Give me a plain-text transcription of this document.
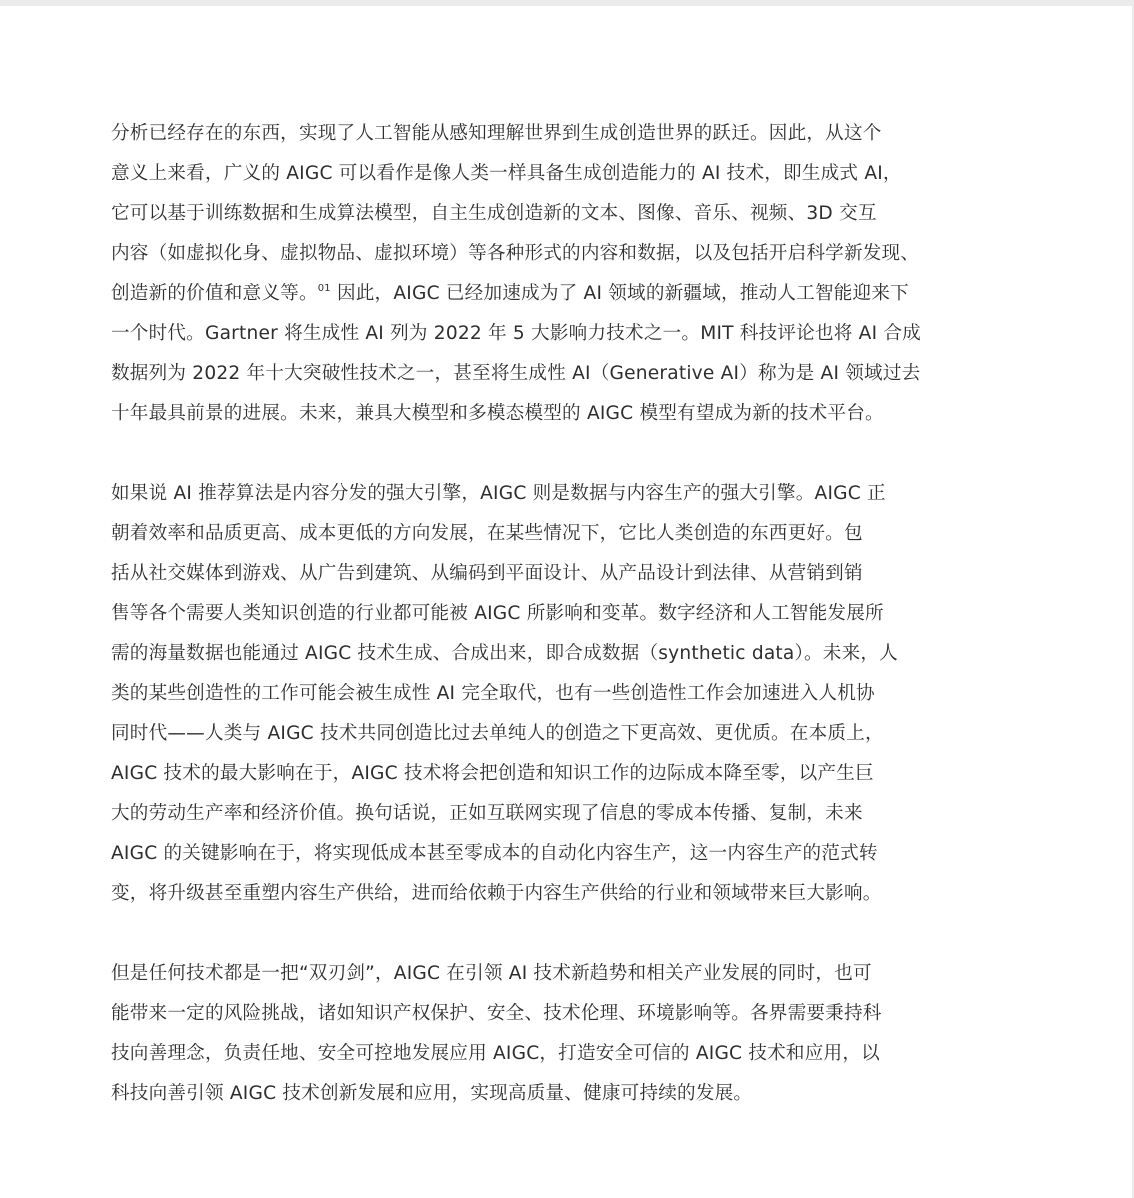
分析已经存在的东西，实现了人工智能从感知理解世界到生成创造世界的跃迁。因此，从这个
意义上来看，广义的 AIGC 可以看作是像人类一样具备生成创造能力的 AI 技术，即生成式 AI，
它可以基于训练数据和生成算法模型，自主生成创造新的文本、图像、音乐、视频、3D 交互
内容（如虚拟化身、虚拟物品、虚拟环境）等各种形式的内容和数据，以及包括开启科学新发现、
创造新的价值和意义等。$^{01}$ 因此，AIGC 已经加速成为了 AI 领域的新疆域，推动人工智能迎来下
一个时代。Gartner 将生成性 AI 列为 2022 年 5 大影响力技术之一。MIT 科技评论也将 AI 合成
数据列为 2022 年十大突破性技术之一，甚至将生成性 AI（Generative AI）称为是 AI 领域过去
十年最具前景的进展。未来，兼具大模型和多模态模型的 AIGC 模型有望成为新的技术平台。

如果说 AI 推荐算法是内容分发的强大引擎，AIGC 则是数据与内容生产的强大引擎。AIGC 正
朝着效率和品质更高、成本更低的方向发展，在某些情况下，它比人类创造的东西更好。包
括从社交媒体到游戏、从广告到建筑、从编码到平面设计、从产品设计到法律、从营销到销
售等各个需要人类知识创造的行业都可能被 AIGC 所影响和变革。数字经济和人工智能发展所
需的海量数据也能通过 AIGC 技术生成、合成出来，即合成数据（synthetic data）。未来，人
类的某些创造性的工作可能会被生成性 AI 完全取代，也有一些创造性工作会加速进入人机协
同时代——人类与 AIGC 技术共同创造比过去单纯人的创造之下更高效、更优质。在本质上，
AIGC 技术的最大影响在于，AIGC 技术将会把创造和知识工作的边际成本降至零，以产生巨
大的劳动生产率和经济价值。换句话说，正如互联网实现了信息的零成本传播、复制，未来
AIGC 的关键影响在于，将实现低成本甚至零成本的自动化内容生产，这一内容生产的范式转
变，将升级甚至重塑内容生产供给，进而给依赖于内容生产供给的行业和领域带来巨大影响。

但是任何技术都是一把“双刃剑”，AIGC 在引领 AI 技术新趋势和相关产业发展的同时，也可
能带来一定的风险挑战，诸如知识产权保护、安全、技术伦理、环境影响等。各界需要秉持科
技向善理念，负责任地、安全可控地发展应用 AIGC，打造安全可信的 AIGC 技术和应用，以
科技向善引领 AIGC 技术创新发展和应用，实现高质量、健康可持续的发展。
